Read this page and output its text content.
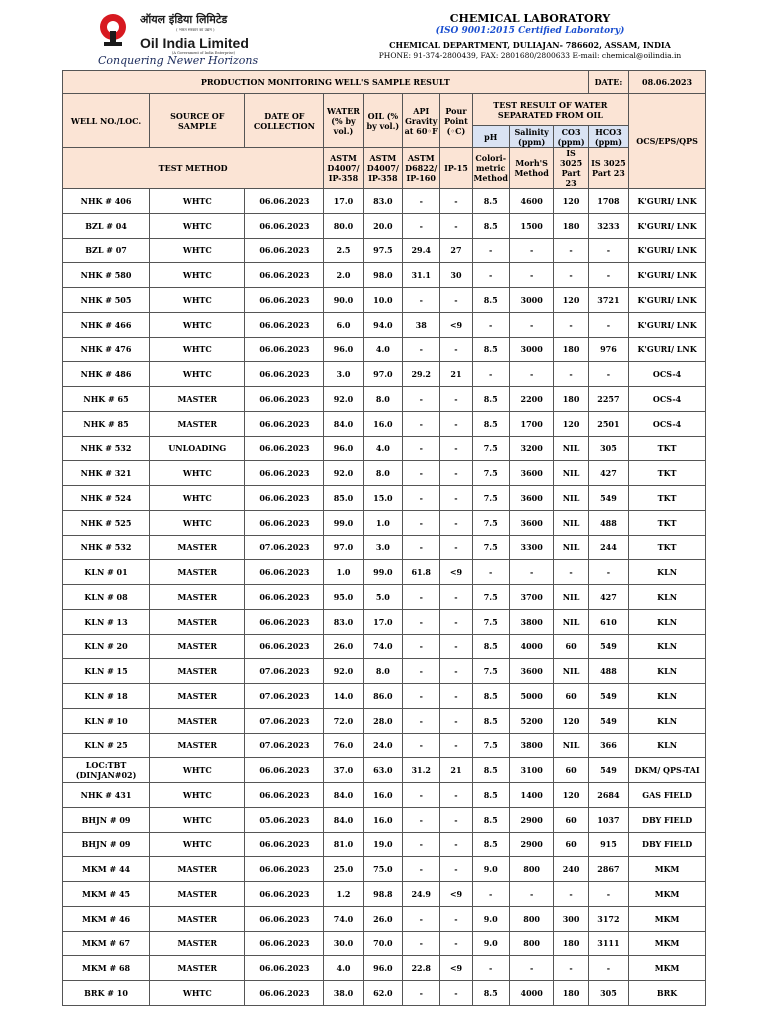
ऑयल इंडिया लिमिटेड
( भारत सरकार का उद्यम )
Oil India Limited
(A Government of India Enterprise)
Conquering Newer Horizons
CHEMICAL LABORATORY
(ISO 9001:2015 Certified Laboratory)
CHEMICAL DEPARTMENT, DULIAJAN- 786602, ASSAM, INDIA
PHONE: 91-374-2800439, FAX: 2801680/2800633 E-mail: chemical@oilindia.in
PRODUCTION MONITORING WELL'S SAMPLE RESULT										DATE:	08.06.2023
WELL NO./LOC.	SOURCE OF SAMPLE	DATE OF COLLECTION	WATER (% by vol.)	OIL (% by vol.)	API Gravity at 60◦F	Pour Point (◦C)	TEST RESULT OF WATER SEPARATED FROM OIL				OCS/EPS/QPS
							pH	Salinity (ppm)	CO3 (ppm)	HCO3 (ppm)	
TEST METHOD			ASTM D4007/ IP-358	ASTM D4007/ IP-358	ASTM D6822/ IP-160	IP-15	Colori-metric Method	Morh'S Method	IS 3025 Part 23	IS 3025 Part 23	

NHK # 406	WHTC	06.06.2023	17.0	83.0	-	-	8.5	4600	120	1708	K'GURI/ LNK
BZL # 04	WHTC	06.06.2023	80.0	20.0	-	-	8.5	1500	180	3233	K'GURI/ LNK
BZL # 07	WHTC	06.06.2023	2.5	97.5	29.4	27	-	-	-	-	K'GURI/ LNK
NHK # 580	WHTC	06.06.2023	2.0	98.0	31.1	30	-	-	-	-	K'GURI/ LNK
NHK # 505	WHTC	06.06.2023	90.0	10.0	-	-	8.5	3000	120	3721	K'GURI/ LNK
NHK # 466	WHTC	06.06.2023	6.0	94.0	38	<9	-	-	-	-	K'GURI/ LNK
NHK # 476	WHTC	06.06.2023	96.0	4.0	-	-	8.5	3000	180	976	K'GURI/ LNK
NHK # 486	WHTC	06.06.2023	3.0	97.0	29.2	21	-	-	-	-	OCS-4
NHK # 65	MASTER	06.06.2023	92.0	8.0	-	-	8.5	2200	180	2257	OCS-4
NHK # 85	MASTER	06.06.2023	84.0	16.0	-	-	8.5	1700	120	2501	OCS-4
NHK # 532	UNLOADING	06.06.2023	96.0	4.0	-	-	7.5	3200	NIL	305	TKT
NHK # 321	WHTC	06.06.2023	92.0	8.0	-	-	7.5	3600	NIL	427	TKT
NHK # 524	WHTC	06.06.2023	85.0	15.0	-	-	7.5	3600	NIL	549	TKT
NHK # 525	WHTC	06.06.2023	99.0	1.0	-	-	7.5	3600	NIL	488	TKT
NHK # 532	MASTER	07.06.2023	97.0	3.0	-	-	7.5	3300	NIL	244	TKT
KLN # 01	MASTER	06.06.2023	1.0	99.0	61.8	<9	-	-	-	-	KLN
KLN # 08	MASTER	06.06.2023	95.0	5.0	-	-	7.5	3700	NIL	427	KLN
KLN # 13	MASTER	06.06.2023	83.0	17.0	-	-	7.5	3800	NIL	610	KLN
KLN # 20	MASTER	06.06.2023	26.0	74.0	-	-	8.5	4000	60	549	KLN
KLN # 15	MASTER	07.06.2023	92.0	8.0	-	-	7.5	3600	NIL	488	KLN
KLN # 18	MASTER	07.06.2023	14.0	86.0	-	-	8.5	5000	60	549	KLN
KLN # 10	MASTER	07.06.2023	72.0	28.0	-	-	8.5	5200	120	549	KLN
KLN # 25	MASTER	07.06.2023	76.0	24.0	-	-	7.5	3800	NIL	366	KLN
LOC:TBT (DINJAN#02)	WHTC	06.06.2023	37.0	63.0	31.2	21	8.5	3100	60	549	DKM/ QPS-TAI
NHK # 431	WHTC	06.06.2023	84.0	16.0	-	-	8.5	1400	120	2684	GAS FIELD
BHJN # 09	WHTC	05.06.2023	84.0	16.0	-	-	8.5	2900	60	1037	DBY FIELD
BHJN # 09	WHTC	06.06.2023	81.0	19.0	-	-	8.5	2900	60	915	DBY FIELD
MKM # 44	MASTER	06.06.2023	25.0	75.0	-	-	9.0	800	240	2867	MKM
MKM # 45	MASTER	06.06.2023	1.2	98.8	24.9	<9	-	-	-	-	MKM
MKM # 46	MASTER	06.06.2023	74.0	26.0	-	-	9.0	800	300	3172	MKM
MKM # 67	MASTER	06.06.2023	30.0	70.0	-	-	9.0	800	180	3111	MKM
MKM # 68	MASTER	06.06.2023	4.0	96.0	22.8	<9	-	-	-	-	MKM
BRK # 10	WHTC	06.06.2023	38.0	62.0	-	-	8.5	4000	180	305	BRK
